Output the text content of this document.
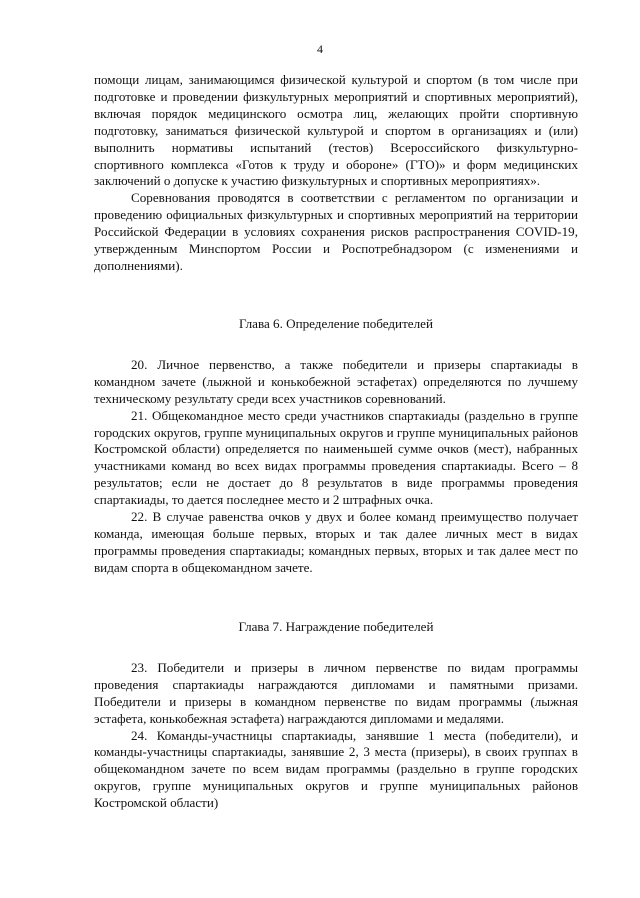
4

помощи лицам, занимающимся физической культурой и спортом (в том числе при подготовке и проведении физкультурных мероприятий и спортивных мероприятий), включая порядок медицинского осмотра лиц, желающих пройти спортивную подготовку, заниматься физической культурой и спортом в организациях и (или) выполнить нормативы испытаний (тестов) Всероссийского физкультурно-спортивного комплекса «Готов к труду и обороне» (ГТО)» и форм медицинских заключений о допуске к участию физкультурных и спортивных мероприятиях».

Соревнования проводятся в соответствии с регламентом по организации и проведению официальных физкультурных и спортивных мероприятий на территории Российской Федерации в условиях сохранения рисков распространения COVID-19, утвержденным Минспортом России и Роспотребнадзором (с изменениями и дополнениями).

Глава 6. Определение победителей

20. Личное первенство, а также победители и призеры спартакиады в командном зачете (лыжной и конькобежной эстафетах) определяются по лучшему техническому результату среди всех участников соревнований.

21. Общекомандное место среди участников спартакиады (раздельно в группе городских округов, группе муниципальных округов и группе муниципальных районов Костромской области) определяется по наименьшей сумме очков (мест), набранных участниками команд во всех видах программы проведения спартакиады. Всего – 8 результатов; если не достает до 8 результатов в виде программы проведения спартакиады, то дается последнее место и 2 штрафных очка.

22. В случае равенства очков у двух и более команд преимущество получает команда, имеющая больше первых, вторых и так далее личных мест в видах программы проведения спартакиады; командных первых, вторых и так далее мест по видам спорта в общекомандном зачете.

Глава 7. Награждение победителей

23. Победители и призеры в личном первенстве по видам программы проведения спартакиады награждаются дипломами и памятными призами. Победители и призеры в командном первенстве по видам программы (лыжная эстафета, конькобежная эстафета) награждаются дипломами и медалями.

24. Команды-участницы спартакиады, занявшие 1 места (победители), и команды-участницы спартакиады, занявшие 2, 3 места (призеры), в своих группах в общекомандном зачете по всем видам программы (раздельно в группе городских округов, группе муниципальных округов и группе муниципальных районов Костромской области)
